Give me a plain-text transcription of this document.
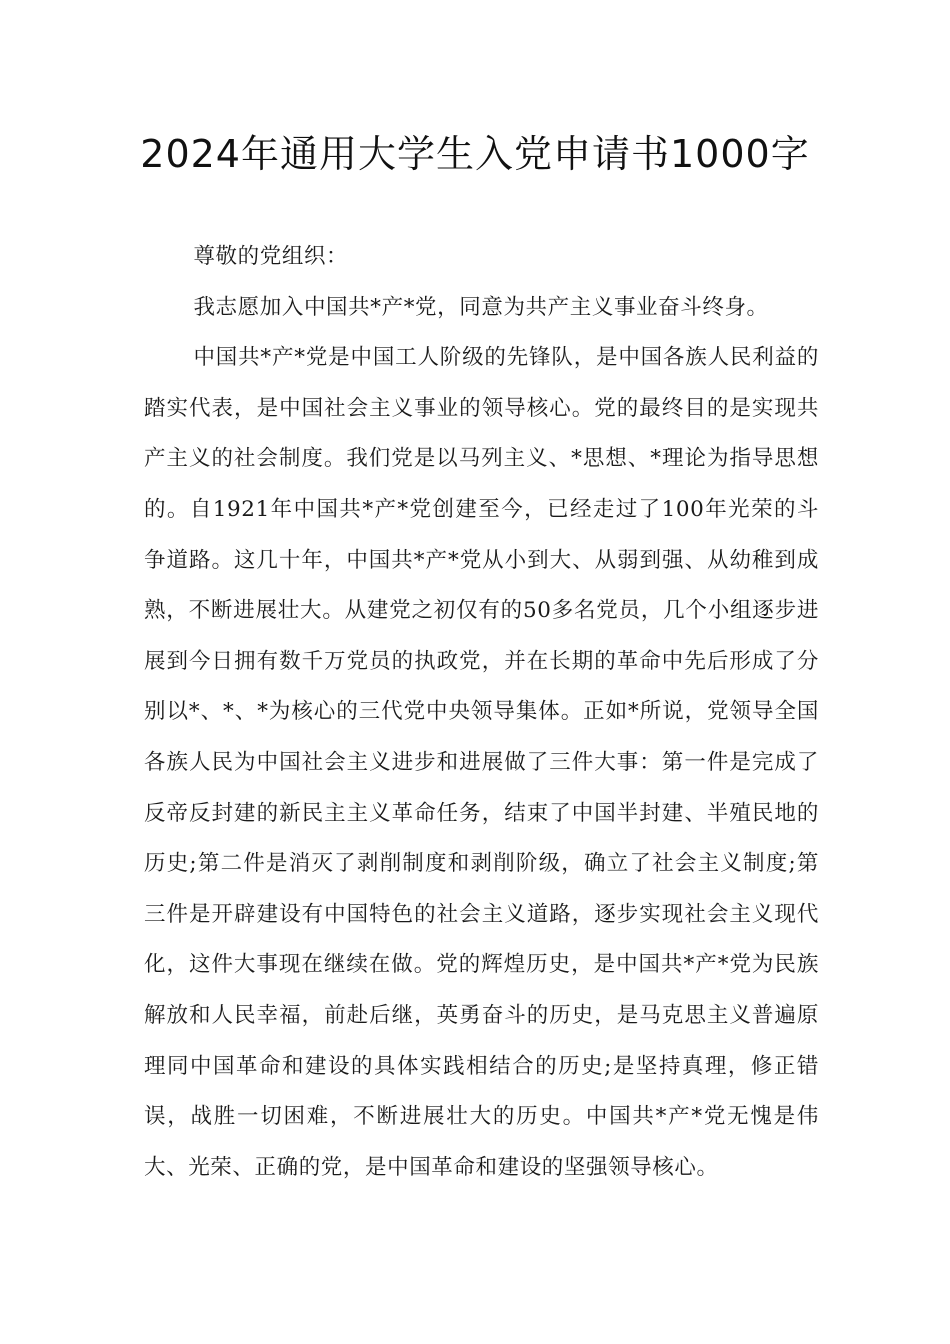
2024年通用大学生入党申请书1000字

尊敬的党组织：

我志愿加入中国共*产*党，同意为共产主义事业奋斗终身。

中国共*产*党是中国工人阶级的先锋队，是中国各族人民利益的踏实代表，是中国社会主义事业的领导核心。党的最终目的是实现共产主义的社会制度。我们党是以马列主义、*思想、*理论为指导思想的。自1921年中国共*产*党创建至今，已经走过了100年光荣的斗争道路。这几十年，中国共*产*党从小到大、从弱到强、从幼稚到成熟，不断进展壮大。从建党之初仅有的50多名党员，几个小组逐步进展到今日拥有数千万党员的执政党，并在长期的革命中先后形成了分别以*、*、*为核心的三代党中央领导集体。正如*所说，党领导全国各族人民为中国社会主义进步和进展做了三件大事：第一件是完成了反帝反封建的新民主主义革命任务，结束了中国半封建、半殖民地的历史;第二件是消灭了剥削制度和剥削阶级，确立了社会主义制度;第三件是开辟建设有中国特色的社会主义道路，逐步实现社会主义现代化，这件大事现在继续在做。党的辉煌历史，是中国共*产*党为民族解放和人民幸福，前赴后继，英勇奋斗的历史，是马克思主义普遍原理同中国革命和建设的具体实践相结合的历史;是坚持真理，修正错误，战胜一切困难，不断进展壮大的历史。中国共*产*党无愧是伟大、光荣、正确的党，是中国革命和建设的坚强领导核心。
